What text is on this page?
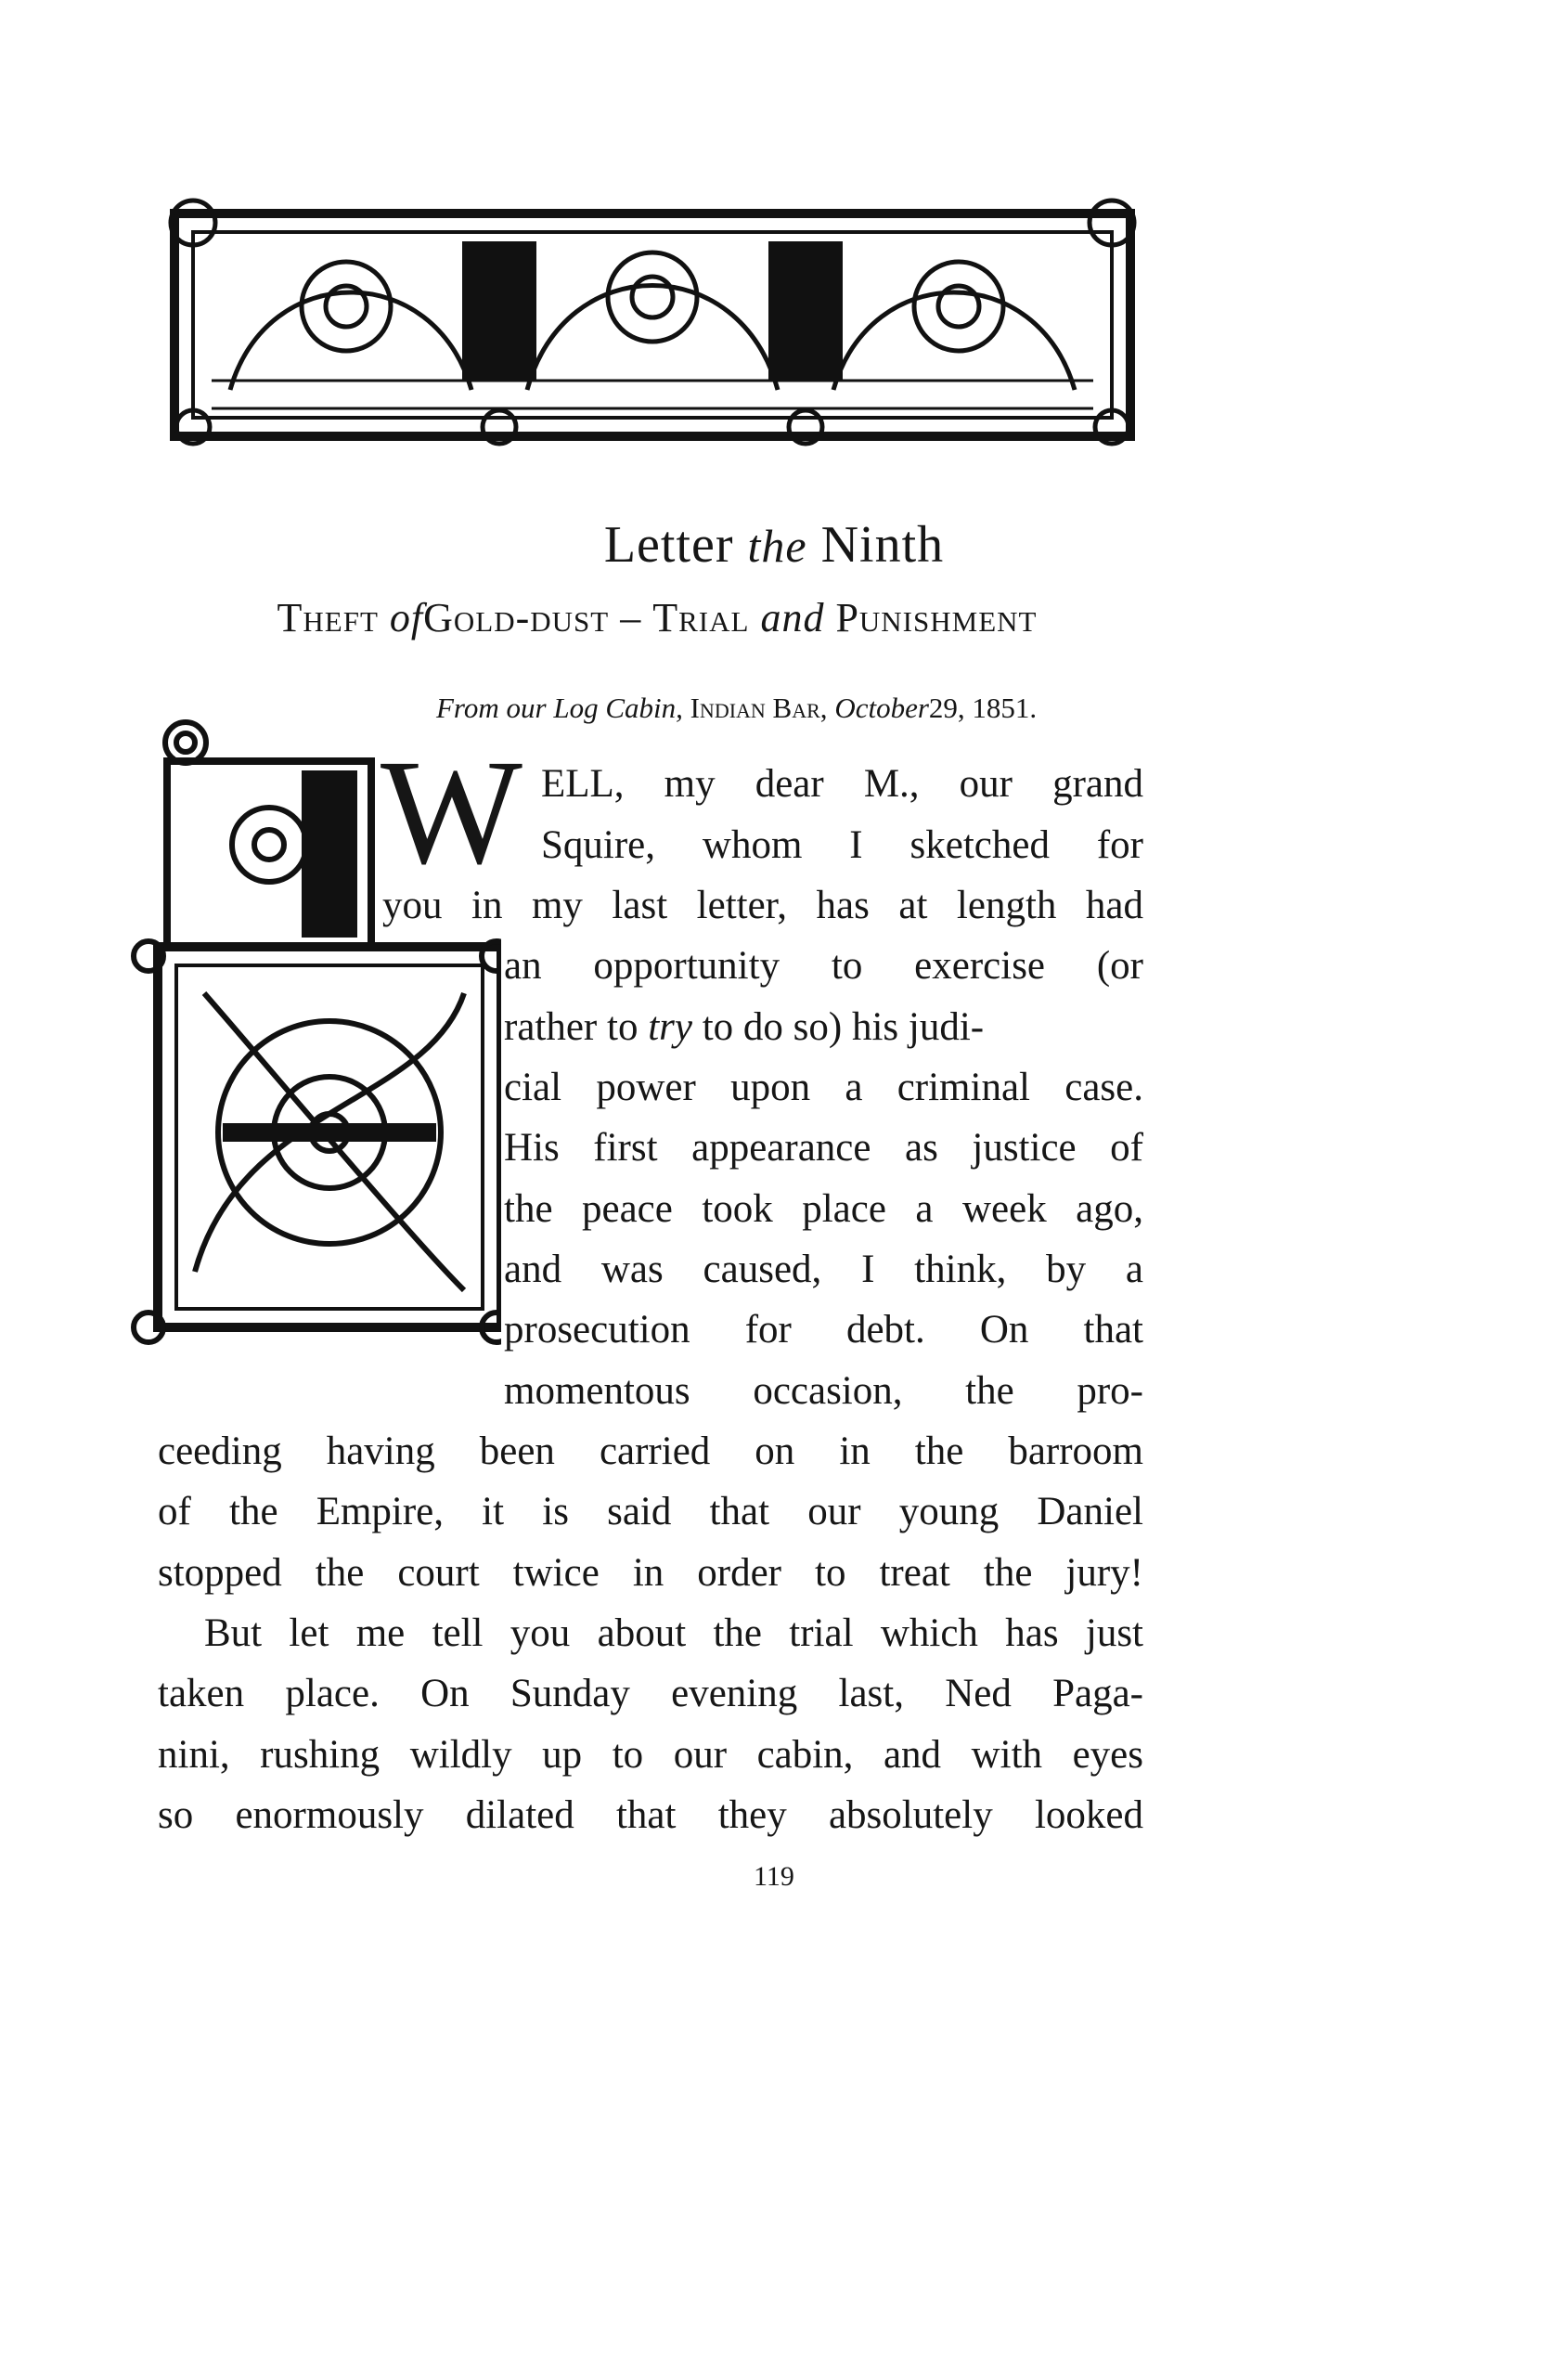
Letter the Ninth
Theft ofGold-dust – Trial and Punishment
From our Log Cabin, Indian Bar, October29, 1851.
W ELL, my dear M., our grand
Squire, whom I sketched for
you in my last letter, has at length had
an opportunity to exercise (or
rather to try to do so) his judi-
cial power upon a criminal case.
His first appearance as justice of
the peace took place a week ago,
and was caused, I think, by a
prosecution for debt. On that
momentous occasion, the pro-
ceeding having been carried on in the barroom
of the Empire, it is said that our young Daniel
stopped the court twice in order to treat the jury!
But let me tell you about the trial which has just
taken place. On Sunday evening last, Ned Paga-
nini, rushing wildly up to our cabin, and with eyes
so enormously dilated that they absolutely looked
119
